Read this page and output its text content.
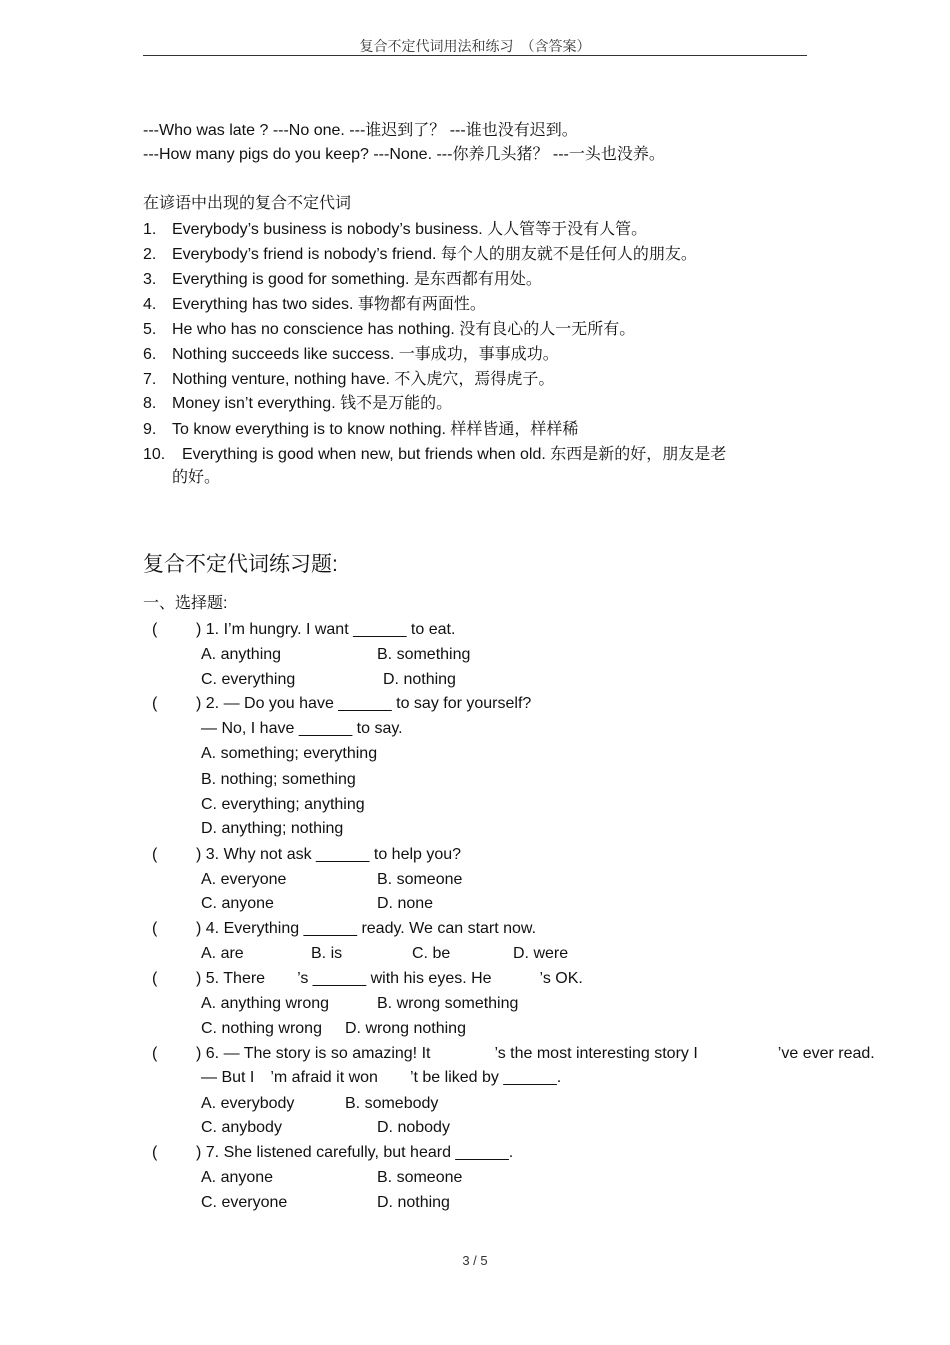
复合不定代词用法和练习　（含答案）
---Who was late ? ---No one. ---谁迟到了？ ---谁也没有迟到。
---How many pigs do you keep? ---None. ---你养几头猪？ ---一头也没养。
在谚语中出现的复合不定代词
1. Everybody’s business is nobody’s business. 人人管等于没有人管。
2. Everybody’s friend is nobody’s friend. 每个人的朋友就不是任何人的朋友。
3. Everything is good for something. 是东西都有用处。
4. Everything has two sides. 事物都有两面性。
5. He who has no conscience has nothing. 没有良心的人一无所有。
6. Nothing succeeds like success. 一事成功，事事成功。
7. Nothing venture, nothing have. 不入虎穴，焉得虎子。
8. Money isn’t everything. 钱不是万能的。
9. To know everything is to know nothing. 样样皆通，样样稀
10. Everything is good when new, but friends when old. 东西是新的好，朋友是老
的好。
复合不定代词练习题:
一、选择题:
( ) 1. I’m hungry. I want ______ to eat.
A. anything	B. something
C. everything	D. nothing
( ) 2. — Do you have ______ to say for yourself?
— No, I have ______ to say.
A. something; everything
B. nothing; something
C. everything; anything
D. anything; nothing
( ) 3. Why not ask ______ to help you?
A. everyone	B. someone
C. anyone	D. none
( ) 4. Everything ______ ready. We can start now.
A. are	B. is	C. be	D. were
( ) 5. There　　’s ______ with his eyes. He　　　’s OK.
A. anything wrong	B. wrong something
C. nothing wrong D. wrong nothing
( ) 6. — The story is so amazing! It　　　　’s the most interesting story I　　　　　’ve ever read.
— But I　’m afraid it won　　’t be liked by ______.
A. everybody	B. somebody
C. anybody	D. nobody
( ) 7. She listened carefully, but heard ______.
A. anyone	B. someone
C. everyone	D. nothing
3 / 5
